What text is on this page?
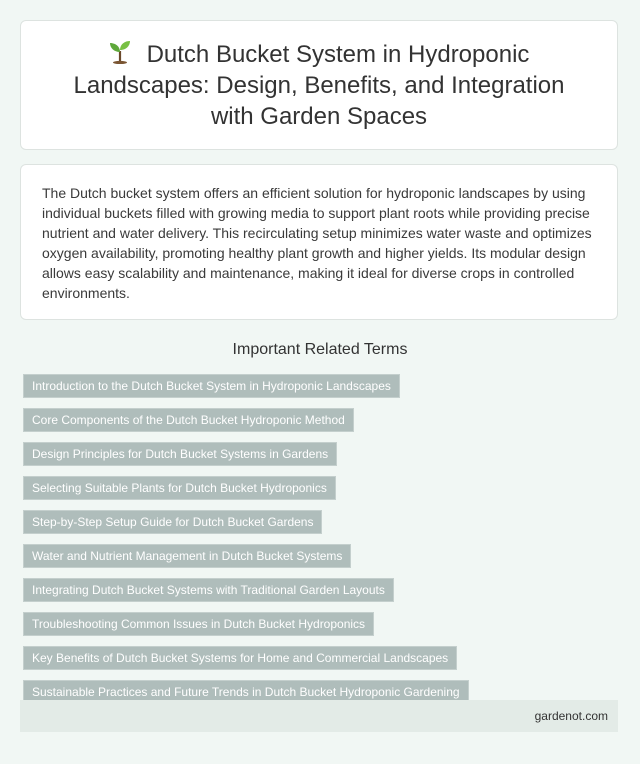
Dutch Bucket System in Hydroponic Landscapes: Design, Benefits, and Integration with Garden Spaces

The Dutch bucket system offers an efficient solution for hydroponic landscapes by using individual buckets filled with growing media to support plant roots while providing precise nutrient and water delivery. This recirculating setup minimizes water waste and optimizes oxygen availability, promoting healthy plant growth and higher yields. Its modular design allows easy scalability and maintenance, making it ideal for diverse crops in controlled environments.

Important Related Terms
Introduction to the Dutch Bucket System in Hydroponic Landscapes
Core Components of the Dutch Bucket Hydroponic Method
Design Principles for Dutch Bucket Systems in Gardens
Selecting Suitable Plants for Dutch Bucket Hydroponics
Step-by-Step Setup Guide for Dutch Bucket Gardens
Water and Nutrient Management in Dutch Bucket Systems
Integrating Dutch Bucket Systems with Traditional Garden Layouts
Troubleshooting Common Issues in Dutch Bucket Hydroponics
Key Benefits of Dutch Bucket Systems for Home and Commercial Landscapes
Sustainable Practices and Future Trends in Dutch Bucket Hydroponic Gardening
gardenot.com
